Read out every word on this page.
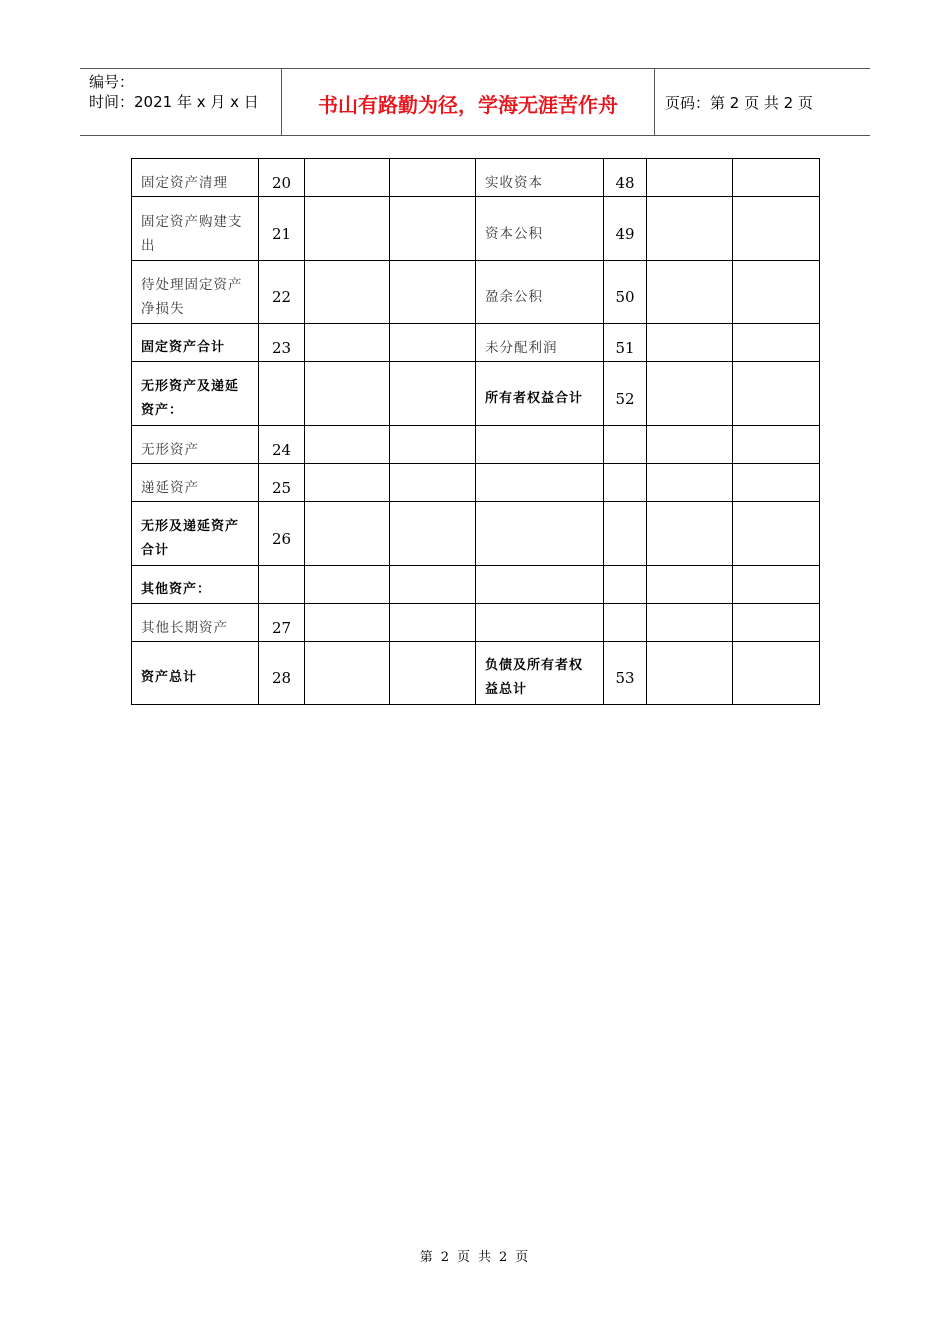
编号：
时间：2021 年 x 月 x 日	书山有路勤为径，学海无涯苦作舟	页码：第 2 页 共 2 页
固定资产清理	20			实收资本	48		
固定资产购建支出	21			资本公积	49		
待处理固定资产净损失	22			盈余公积	50		
固定资产合计	23			未分配利润	51		
无形资产及递延资产：				所有者权益合计	52		
无形资产	24						
递延资产	25						
无形及递延资产合计	26						
其他资产：							
其他长期资产	27						
资产总计	28			负债及所有者权益总计	53		
第 2 页 共 2 页
